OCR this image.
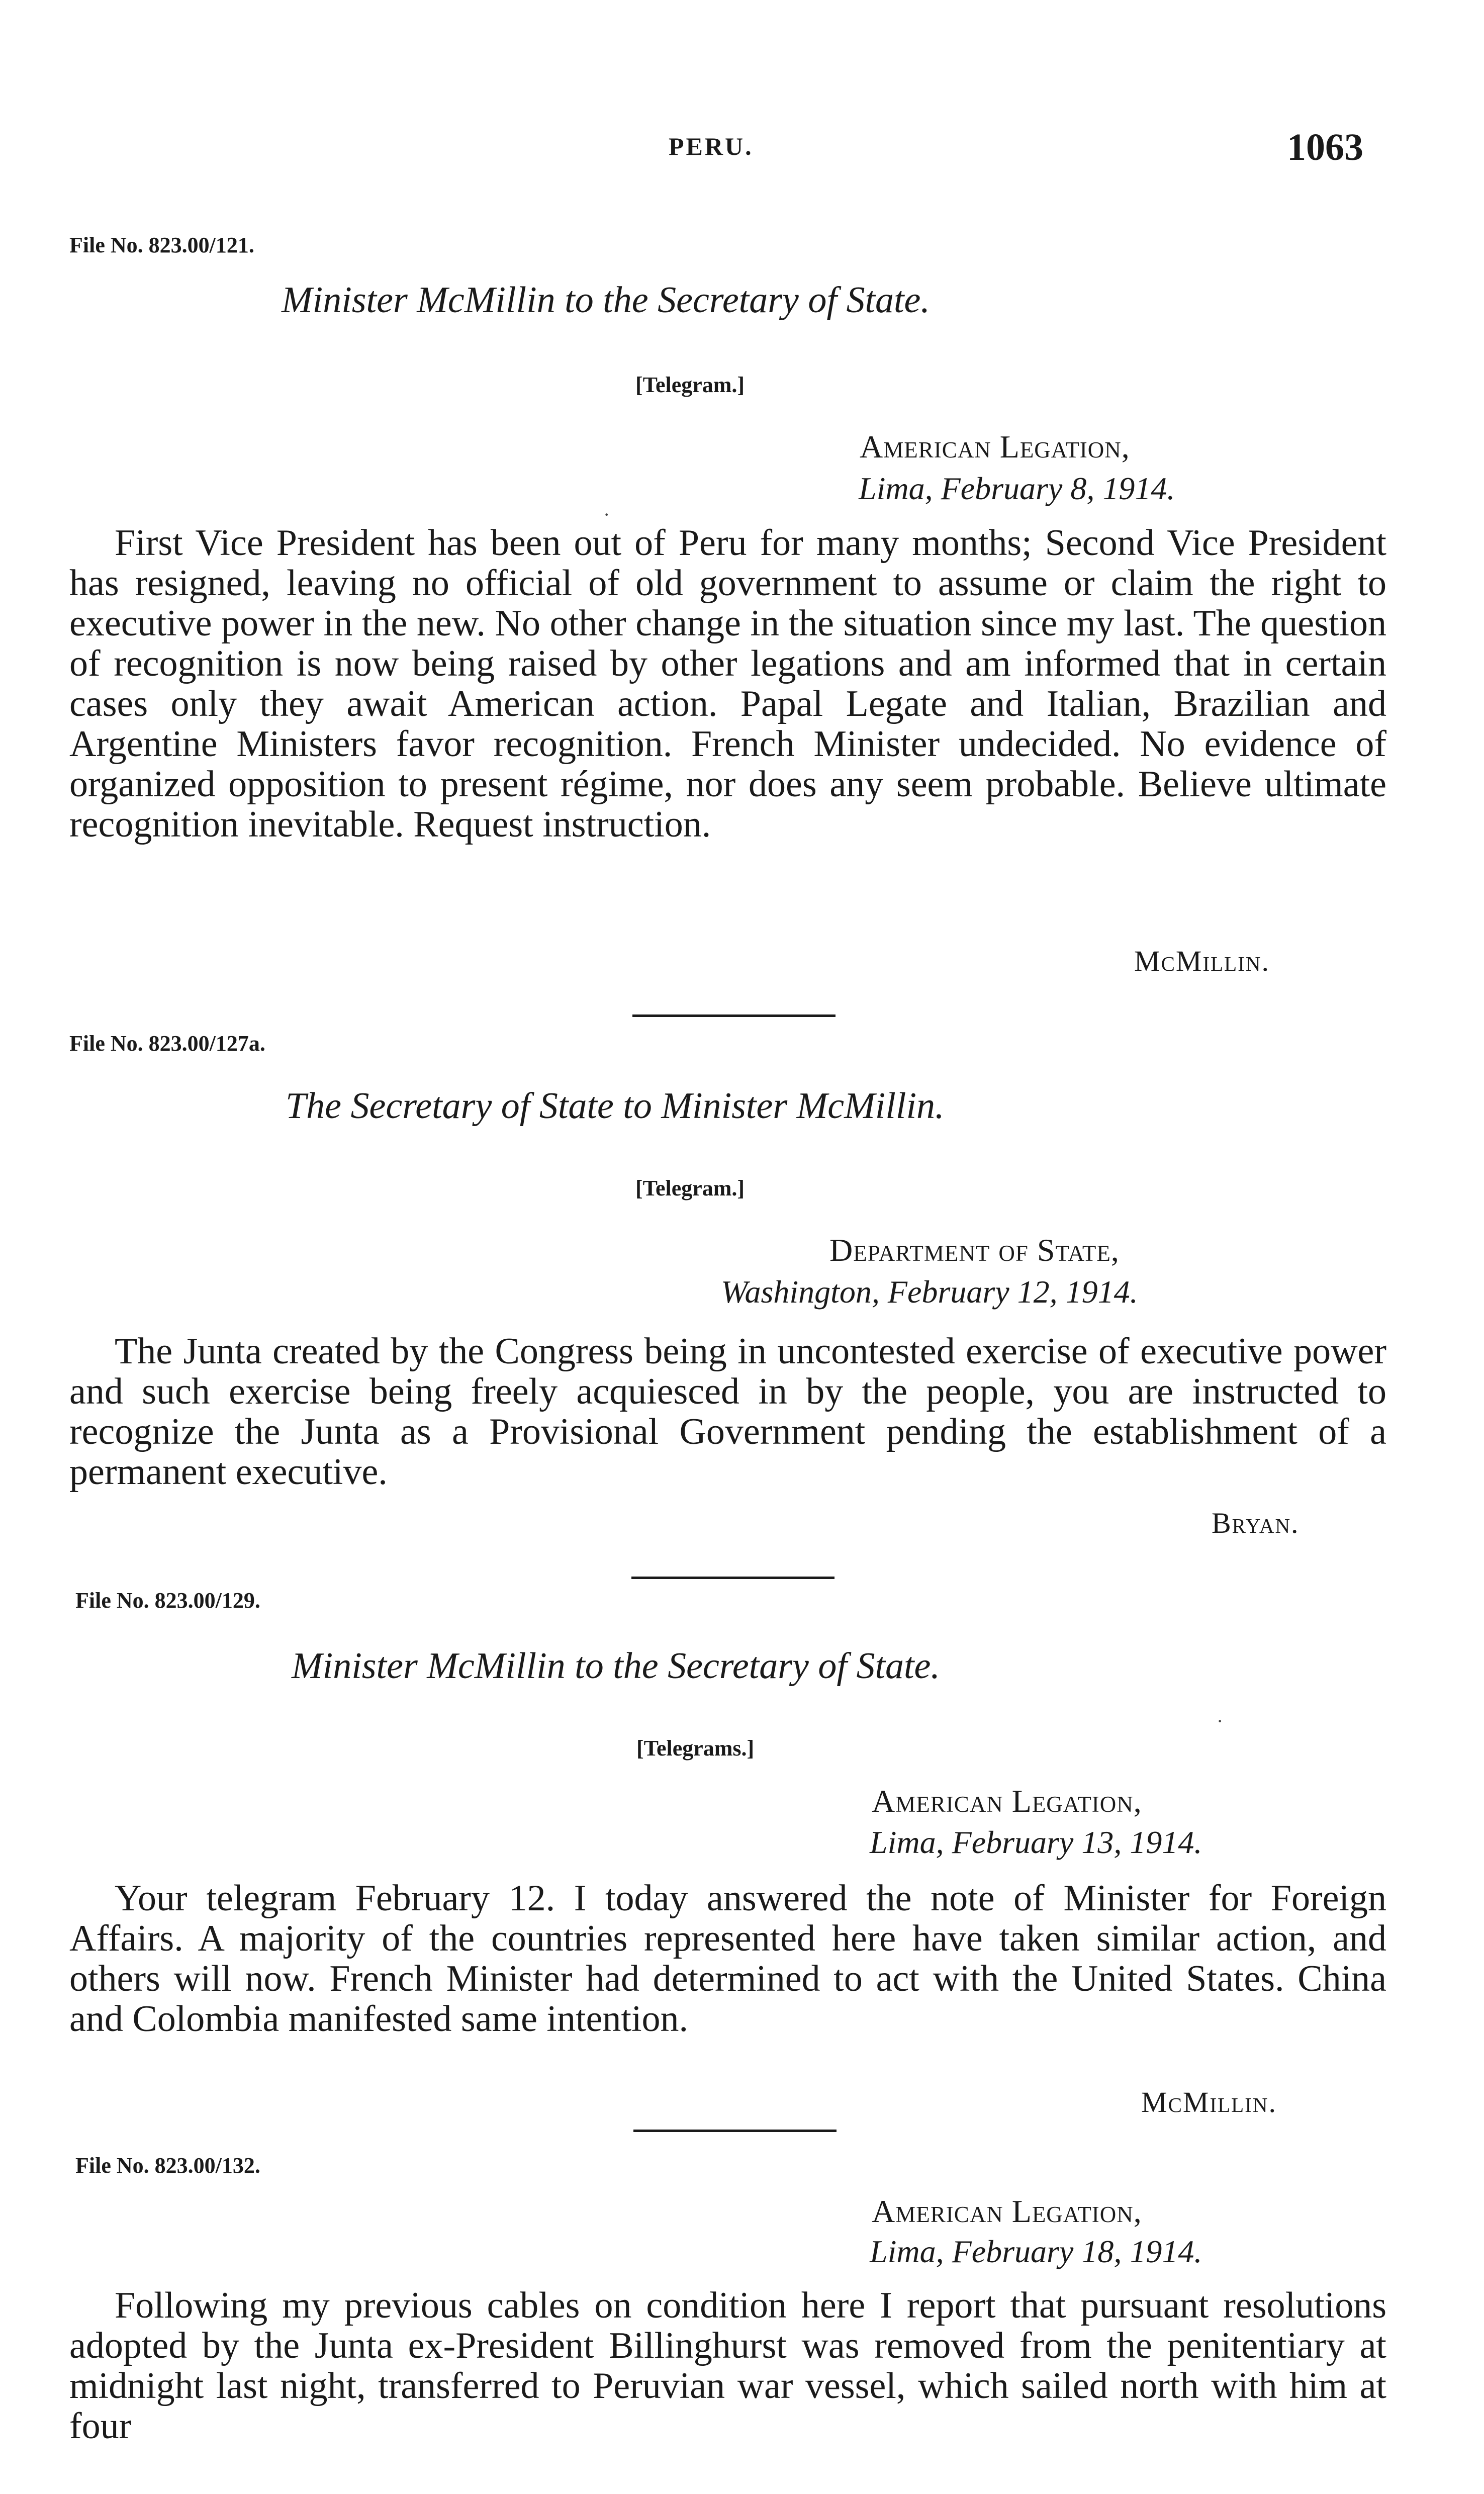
PERU.	1063
File No. 823.00/121.
Minister McMillin to the Secretary of State.
[Telegram.]
American Legation,
Lima, February 8, 1914.

First Vice President has been out of Peru for many months; Second Vice President has resigned, leaving no official of old government to assume or claim the right to executive power in the new. No other change in the situation since my last. The question of recognition is now being raised by other legations and am informed that in certain cases only they await American action. Papal Legate and Italian, Brazilian and Argentine Ministers favor recognition. French Minister undecided. No evidence of organized opposition to present régime, nor does any seem probable. Believe ultimate recognition inevitable. Request instruction.

McMillin.
File No. 823.00/127a.
The Secretary of State to Minister McMillin.
[Telegram.]
Department of State,
Washington, February 12, 1914.

The Junta created by the Congress being in uncontested exercise of executive power and such exercise being freely acquiesced in by the people, you are instructed to recognize the Junta as a Provisional Government pending the establishment of a permanent executive.

Bryan.
File No. 823.00/129.
Minister McMillin to the Secretary of State.
[Telegrams.]
American Legation,
Lima, February 13, 1914.

Your telegram February 12. I today answered the note of Minister for Foreign Affairs. A majority of the countries represented here have taken similar action, and others will now. French Minister had determined to act with the United States. China and Colombia manifested same intention.

McMillin.
File No. 823.00/132.
American Legation,
Lima, February 18, 1914.

Following my previous cables on condition here I report that pursuant resolutions adopted by the Junta ex-President Billinghurst was removed from the penitentiary at midnight last night, transferred to Peruvian war vessel, which sailed north with him at four

·
·
